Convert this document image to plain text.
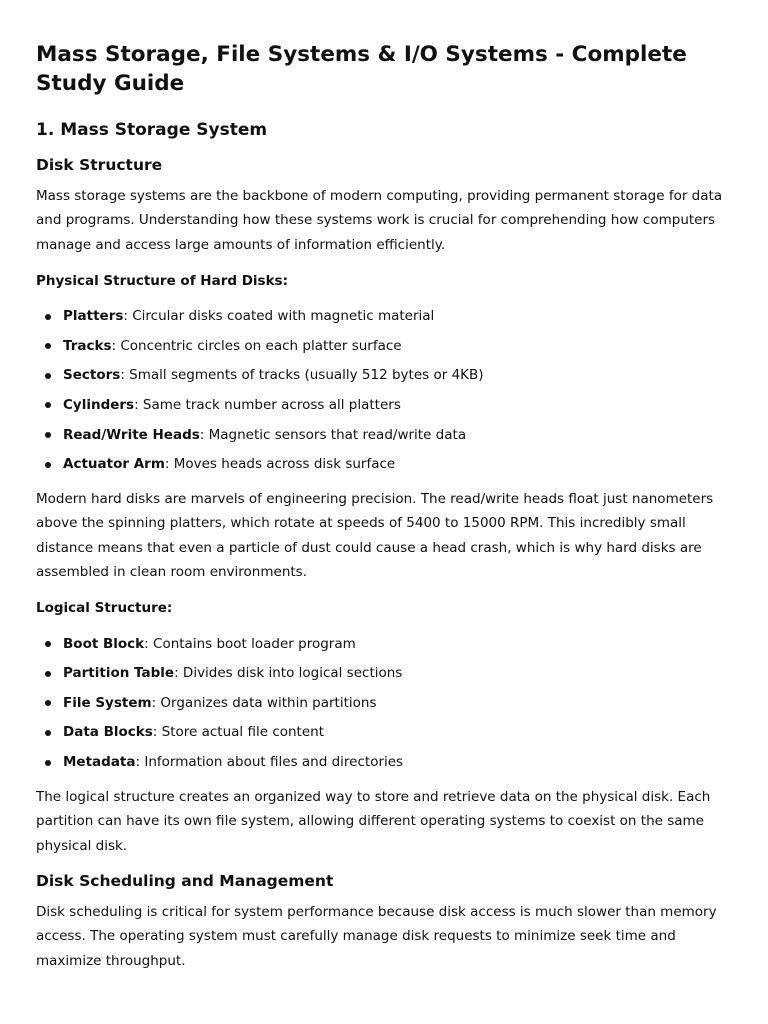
Mass Storage, File Systems & I/O Systems - Complete Study Guide
1. Mass Storage System
Disk Structure

Mass storage systems are the backbone of modern computing, providing permanent storage for data and programs. Understanding how these systems work is crucial for comprehending how computers manage and access large amounts of information efficiently.

Physical Structure of Hard Disks:

Platters: Circular disks coated with magnetic material
Tracks: Concentric circles on each platter surface
Sectors: Small segments of tracks (usually 512 bytes or 4KB)
Cylinders: Same track number across all platters
Read/Write Heads: Magnetic sensors that read/write data
Actuator Arm: Moves heads across disk surface

Modern hard disks are marvels of engineering precision. The read/write heads float just nanometers above the spinning platters, which rotate at speeds of 5400 to 15000 RPM. This incredibly small distance means that even a particle of dust could cause a head crash, which is why hard disks are assembled in clean room environments.

Logical Structure:

Boot Block: Contains boot loader program
Partition Table: Divides disk into logical sections
File System: Organizes data within partitions
Data Blocks: Store actual file content
Metadata: Information about files and directories

The logical structure creates an organized way to store and retrieve data on the physical disk. Each partition can have its own file system, allowing different operating systems to coexist on the same physical disk.

Disk Scheduling and Management

Disk scheduling is critical for system performance because disk access is much slower than memory access. The operating system must carefully manage disk requests to minimize seek time and maximize throughput.
